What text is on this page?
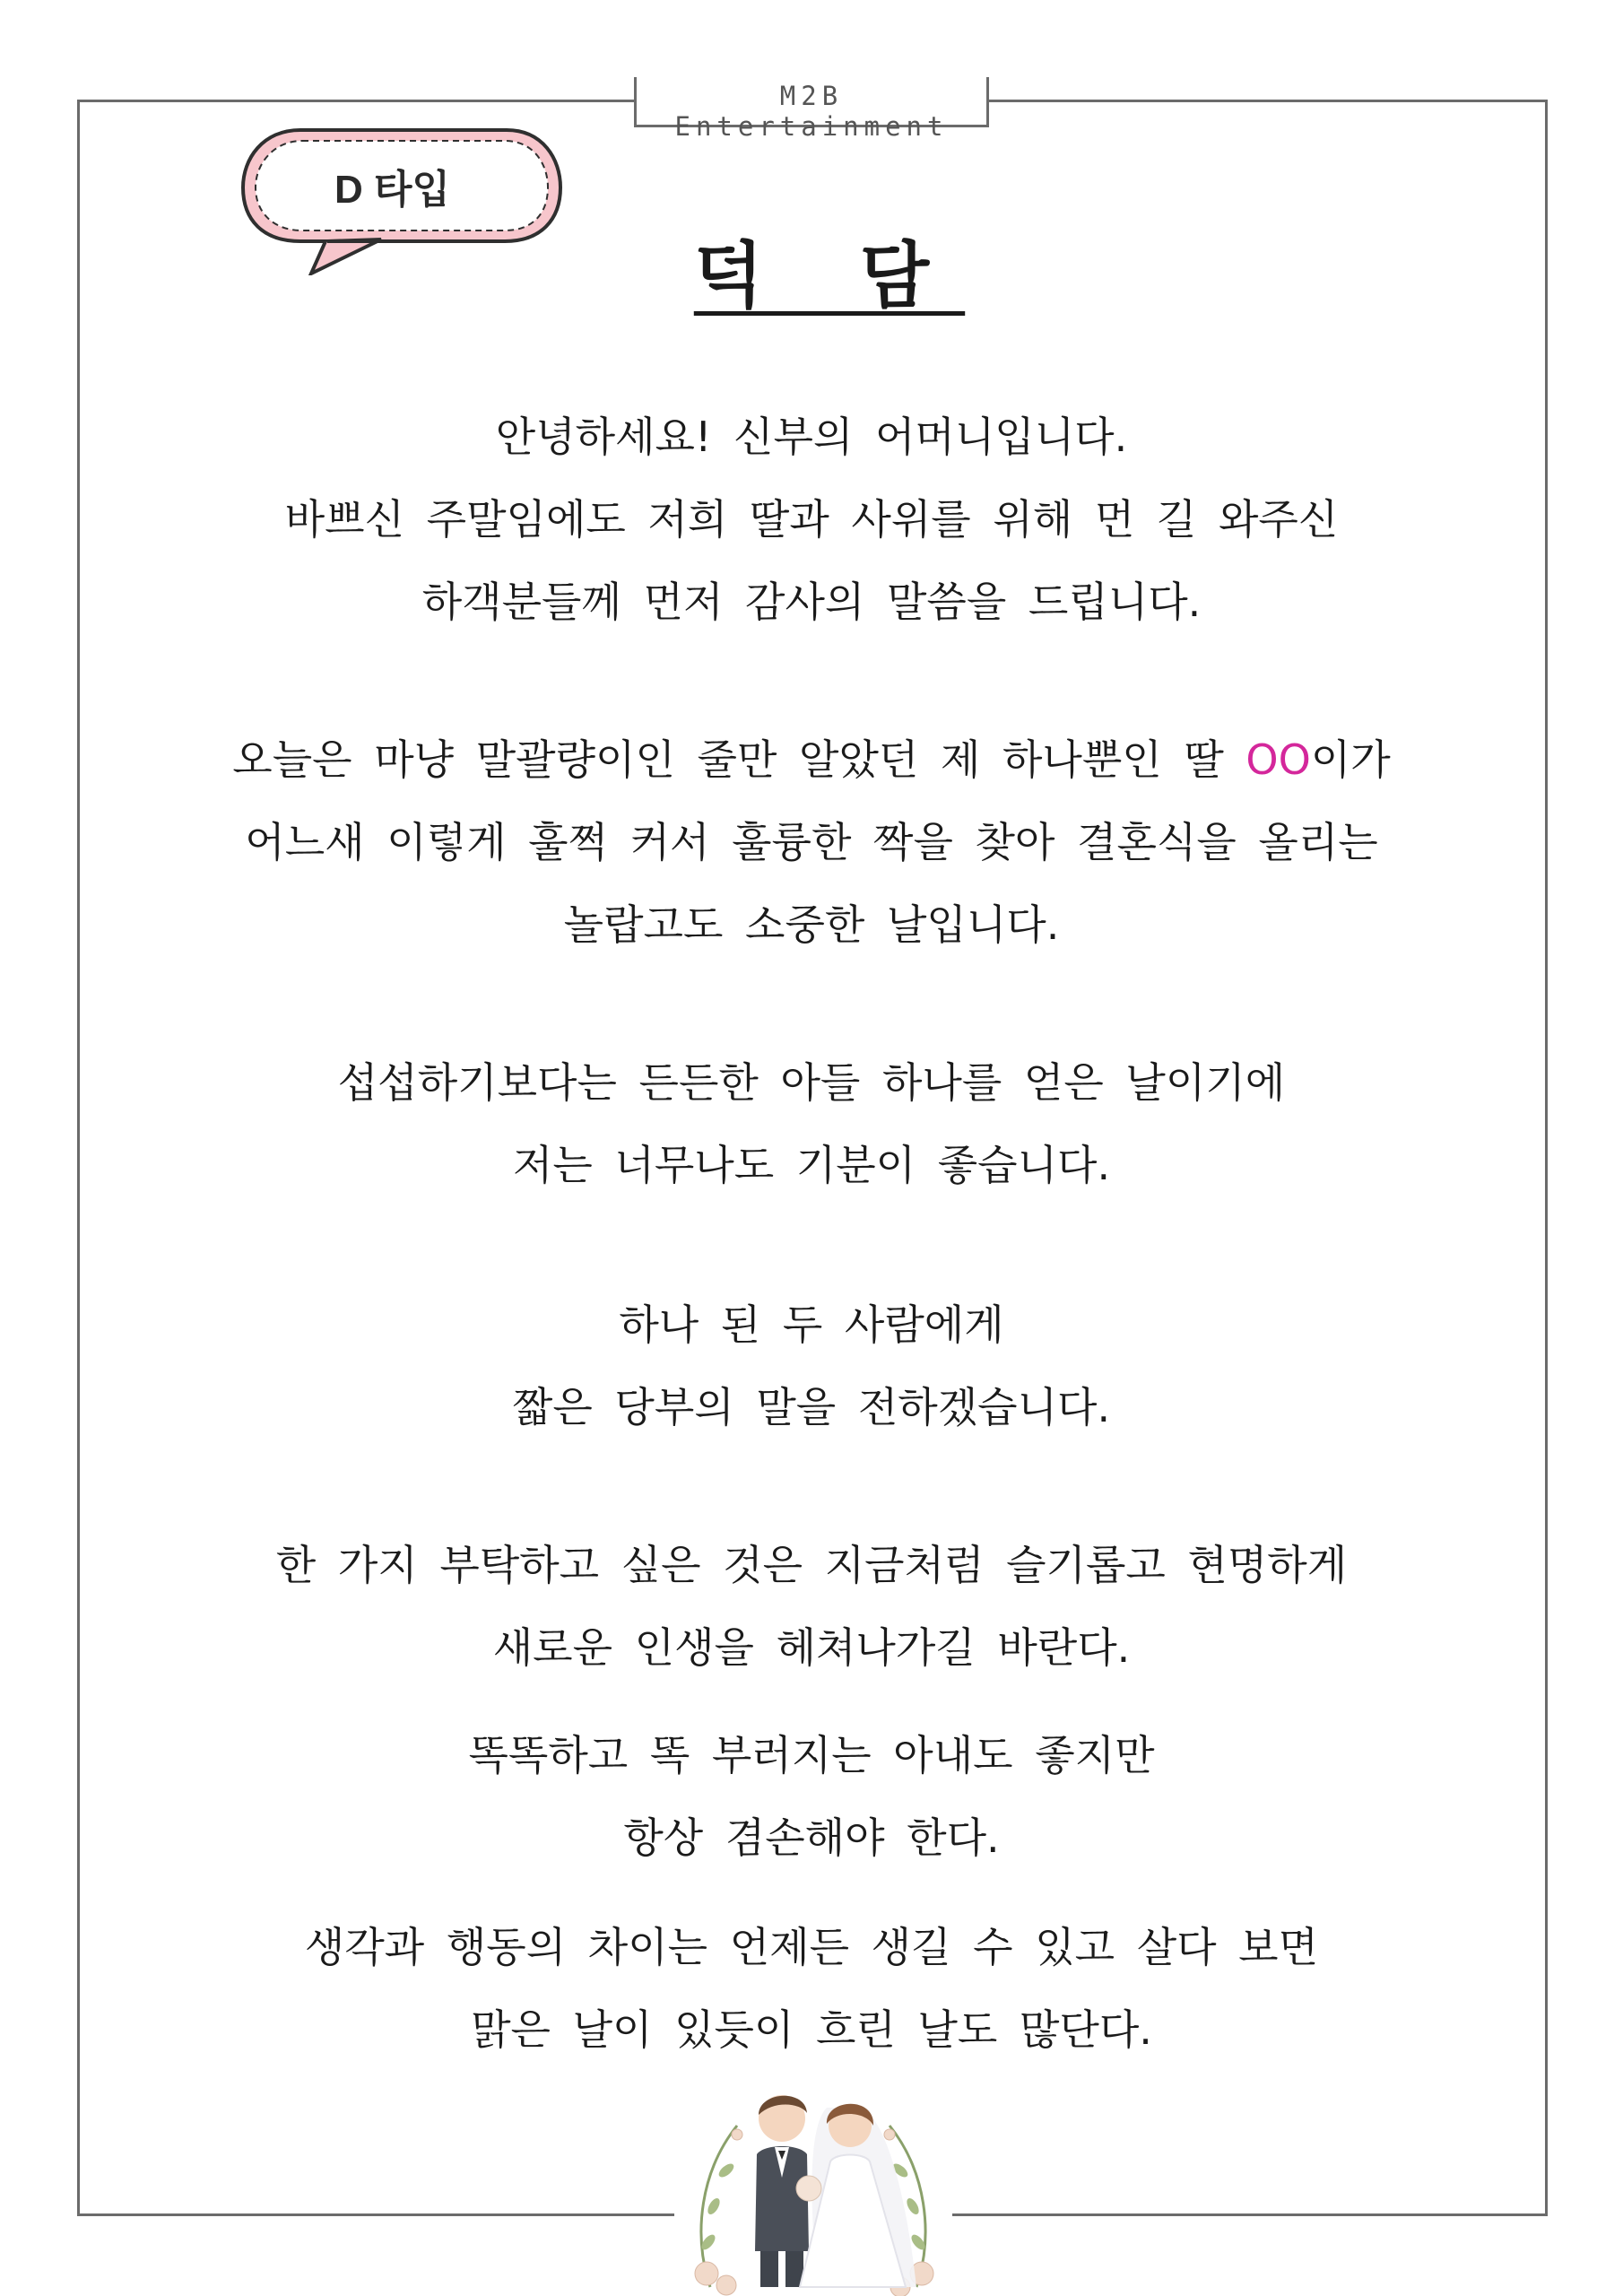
M2B Entertainment
D 타입
덕 담
안녕하세요! 신부의 어머니입니다.
바쁘신 주말임에도 저희 딸과 사위를 위해 먼 길 와주신
하객분들께 먼저 감사의 말씀을 드립니다.
오늘은 마냥 말괄량이인 줄만 알았던 제 하나뿐인 딸 OO이가
어느새 이렇게 훌쩍 커서 훌륭한 짝을 찾아 결혼식을 올리는
놀랍고도 소중한 날입니다.
섭섭하기보다는 든든한 아들 하나를 얻은 날이기에
저는 너무나도 기분이 좋습니다.
하나 된 두 사람에게
짧은 당부의 말을 전하겠습니다.
한 가지 부탁하고 싶은 것은 지금처럼 슬기롭고 현명하게
새로운 인생을 헤쳐나가길 바란다.
똑똑하고 똑 부러지는 아내도 좋지만
항상 겸손해야 한다.
생각과 행동의 차이는 언제든 생길 수 있고 살다 보면
맑은 날이 있듯이 흐린 날도 많단다.
